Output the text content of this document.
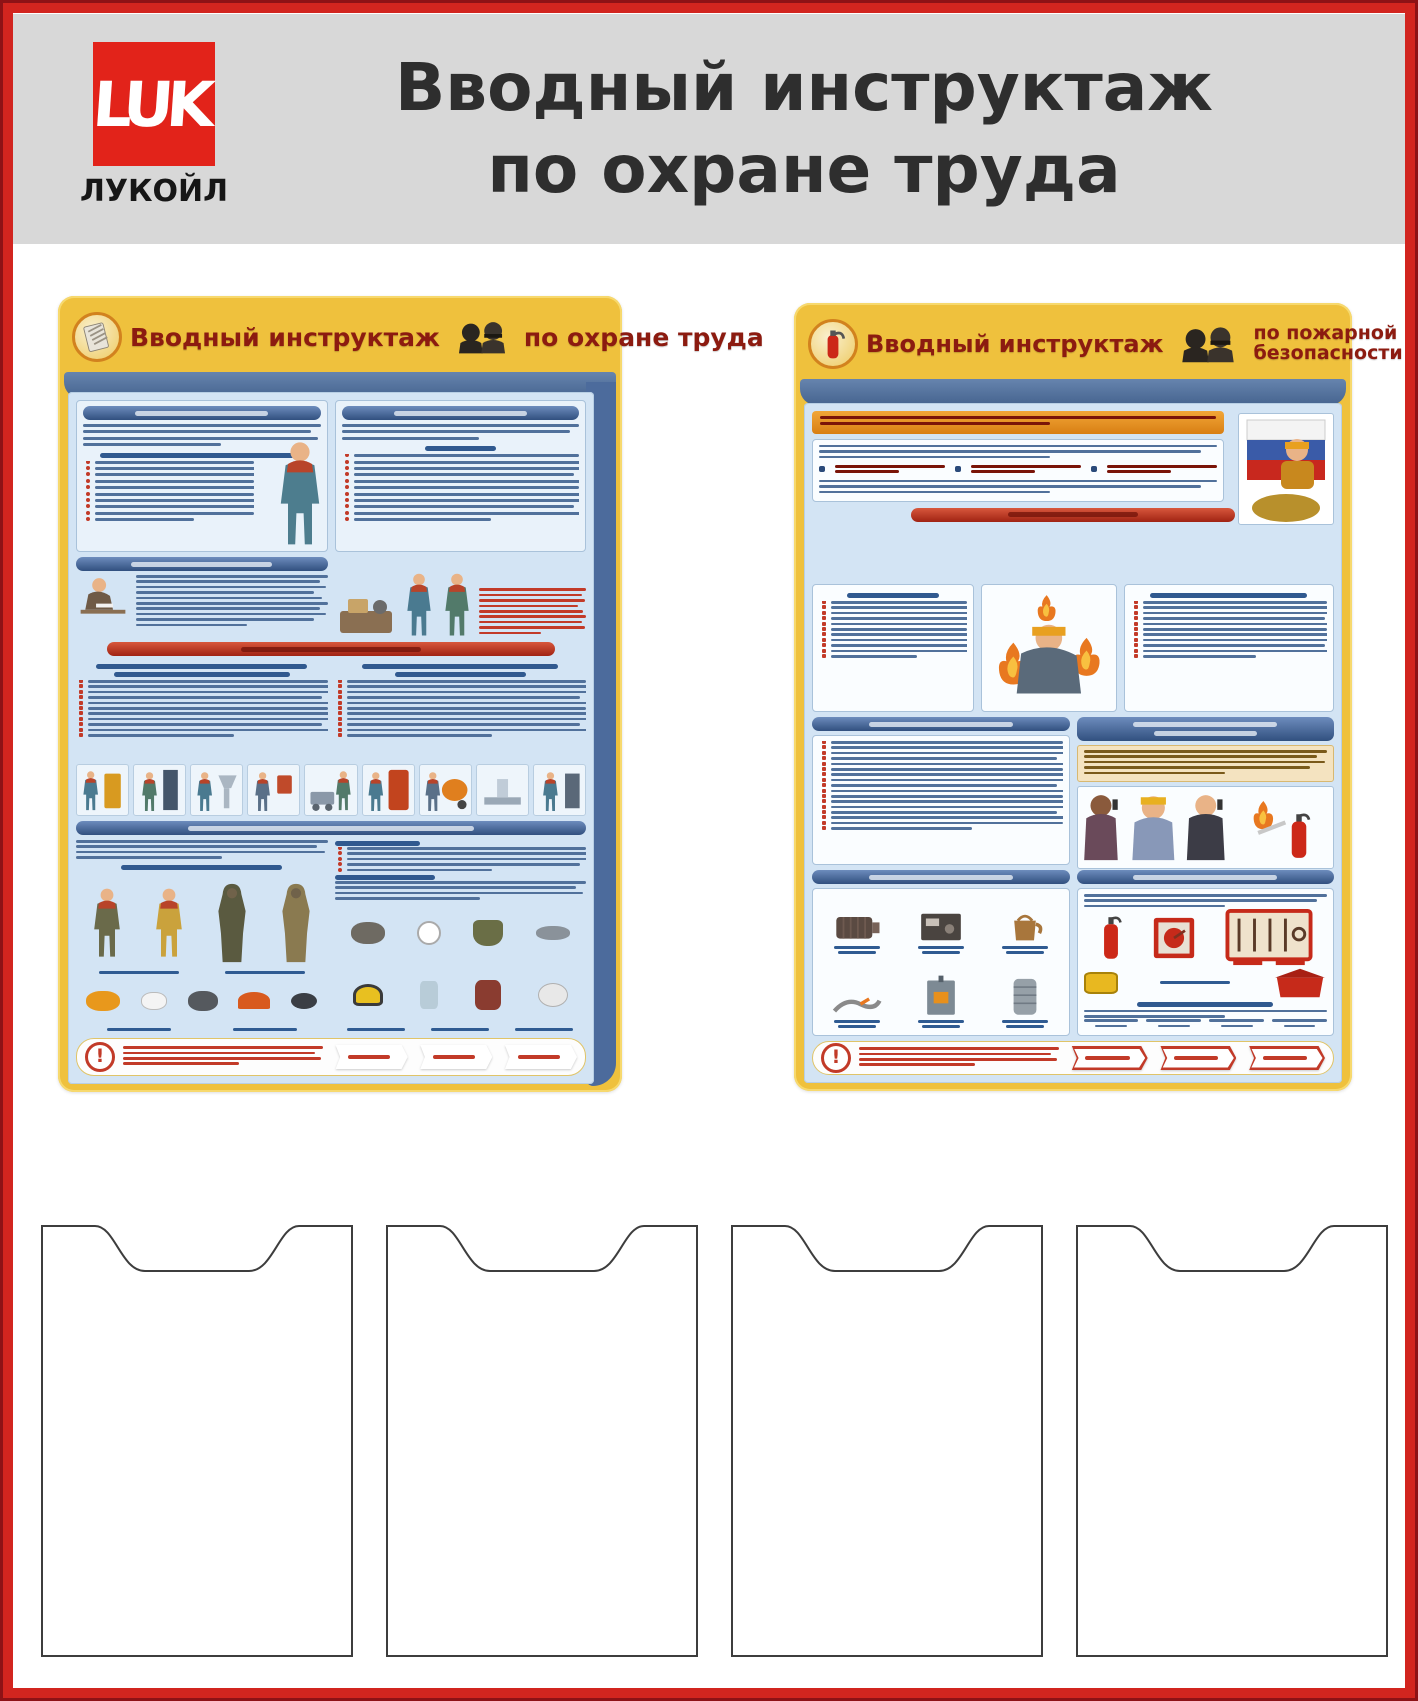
LUK
ЛУКОЙЛ
Вводный инструктаж
по охране труда
Вводный инструктаж	по охране труда
!	Вводный инструктаж	по пожарной
безопасности
!
